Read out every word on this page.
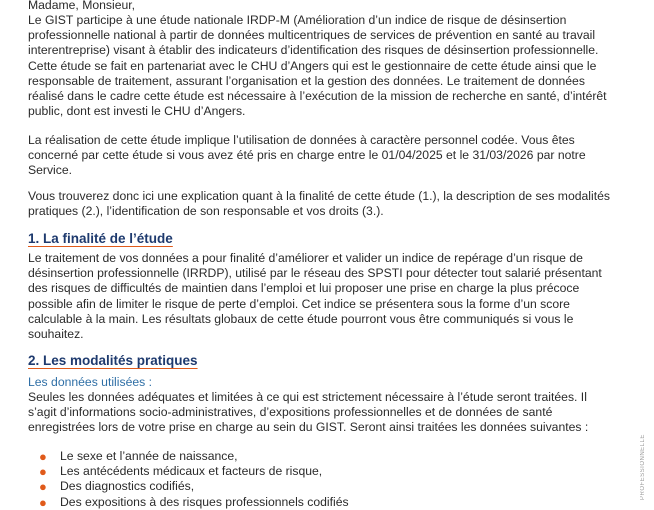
Madame, Monsieur,

Le GIST participe à une étude nationale IRDP-M (Amélioration d’un indice de risque de désinsertion professionnelle national à partir de données multicentriques de services de prévention en santé au travail interentreprise) visant à établir des indicateurs d’identification des risques de désinsertion professionnelle. Cette étude se fait en partenariat avec le CHU d’Angers qui est le gestionnaire de cette étude ainsi que le responsable de traitement, assurant l’organisation et la gestion des données. Le traitement de données réalisé dans le cadre cette étude est nécessaire à l’exécution de la mission de recherche en santé, d’intérêt public, dont est investi le CHU d’Angers.

La réalisation de cette étude implique l’utilisation de données à caractère personnel codée. Vous êtes concerné par cette étude si vous avez été pris en charge entre le 01/04/2025 et le 31/03/2026 par notre Service.

Vous trouverez donc ici une explication quant à la finalité de cette étude (1.), la description de ses modalités pratiques (2.), l’identification de son responsable et vos droits (3.).

1. La finalité de l’étude

Le traitement de vos données a pour finalité d’améliorer et valider un indice de repérage d’un risque de désinsertion professionnelle (IRRDP), utilisé par le réseau des SPSTI pour détecter tout salarié présentant des risques de difficultés de maintien dans l’emploi et lui proposer une prise en charge la plus précoce possible afin de limiter le risque de perte d’emploi. Cet indice se présentera sous la forme d’un score calculable à la main. Les résultats globaux de cette étude pourront vous être communiqués si vous le souhaitez.

2. Les modalités pratiques

Les données utilisées :

Seules les données adéquates et limitées à ce qui est strictement nécessaire à l’étude seront traitées. Il s’agit d’informations socio-administratives, d’expositions professionnelles et de données de santé enregistrées lors de votre prise en charge au sein du GIST. Seront ainsi traitées les données suivantes :

● Le sexe et l’année de naissance,
● Les antécédents médicaux et facteurs de risque,
● Des diagnostics codifiés,
● Des expositions à des risques professionnels codifiés
PROFESSIONNELLE
